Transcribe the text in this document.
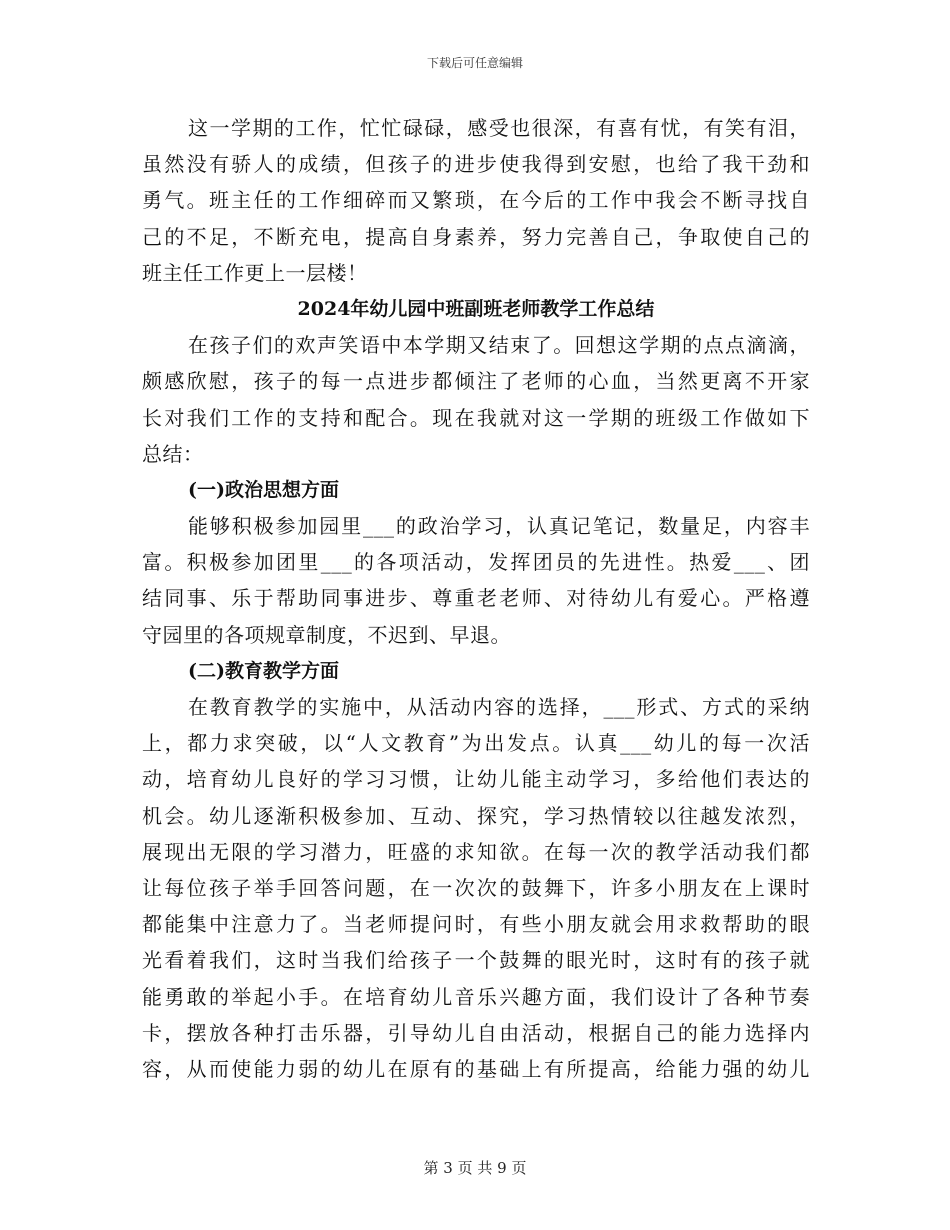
下载后可任意编辑
这一学期的工作，忙忙碌碌，感受也很深，有喜有忧，有笑有泪，
虽然没有骄人的成绩，但孩子的进步使我得到安慰，也给了我干劲和
勇气。班主任的工作细碎而又繁琐，在今后的工作中我会不断寻找自
己的不足，不断充电，提高自身素养，努力完善自己，争取使自己的
班主任工作更上一层楼！
2024年幼儿园中班副班老师教学工作总结
在孩子们的欢声笑语中本学期又结束了。回想这学期的点点滴滴，
颇感欣慰，孩子的每一点进步都倾注了老师的心血，当然更离不开家
长对我们工作的支持和配合。现在我就对这一学期的班级工作做如下
总结：
(一)政治思想方面
能够积极参加园里___的政治学习，认真记笔记，数量足，内容丰
富。积极参加团里___的各项活动，发挥团员的先进性。热爱___、团
结同事、乐于帮助同事进步、尊重老老师、对待幼儿有爱心。严格遵
守园里的各项规章制度，不迟到、早退。
(二)教育教学方面
在教育教学的实施中，从活动内容的选择，___形式、方式的采纳
上，都力求突破，以“人文教育”为出发点。认真___幼儿的每一次活
动，培育幼儿良好的学习习惯，让幼儿能主动学习，多给他们表达的
机会。幼儿逐渐积极参加、互动、探究，学习热情较以往越发浓烈，
展现出无限的学习潜力，旺盛的求知欲。在每一次的教学活动我们都
让每位孩子举手回答问题，在一次次的鼓舞下，许多小朋友在上课时
都能集中注意力了。当老师提问时，有些小朋友就会用求救帮助的眼
光看着我们，这时当我们给孩子一个鼓舞的眼光时，这时有的孩子就
能勇敢的举起小手。在培育幼儿音乐兴趣方面，我们设计了各种节奏
卡，摆放各种打击乐器，引导幼儿自由活动，根据自己的能力选择内
容，从而使能力弱的幼儿在原有的基础上有所提高，给能力强的幼儿
第 3 页 共 9 页
